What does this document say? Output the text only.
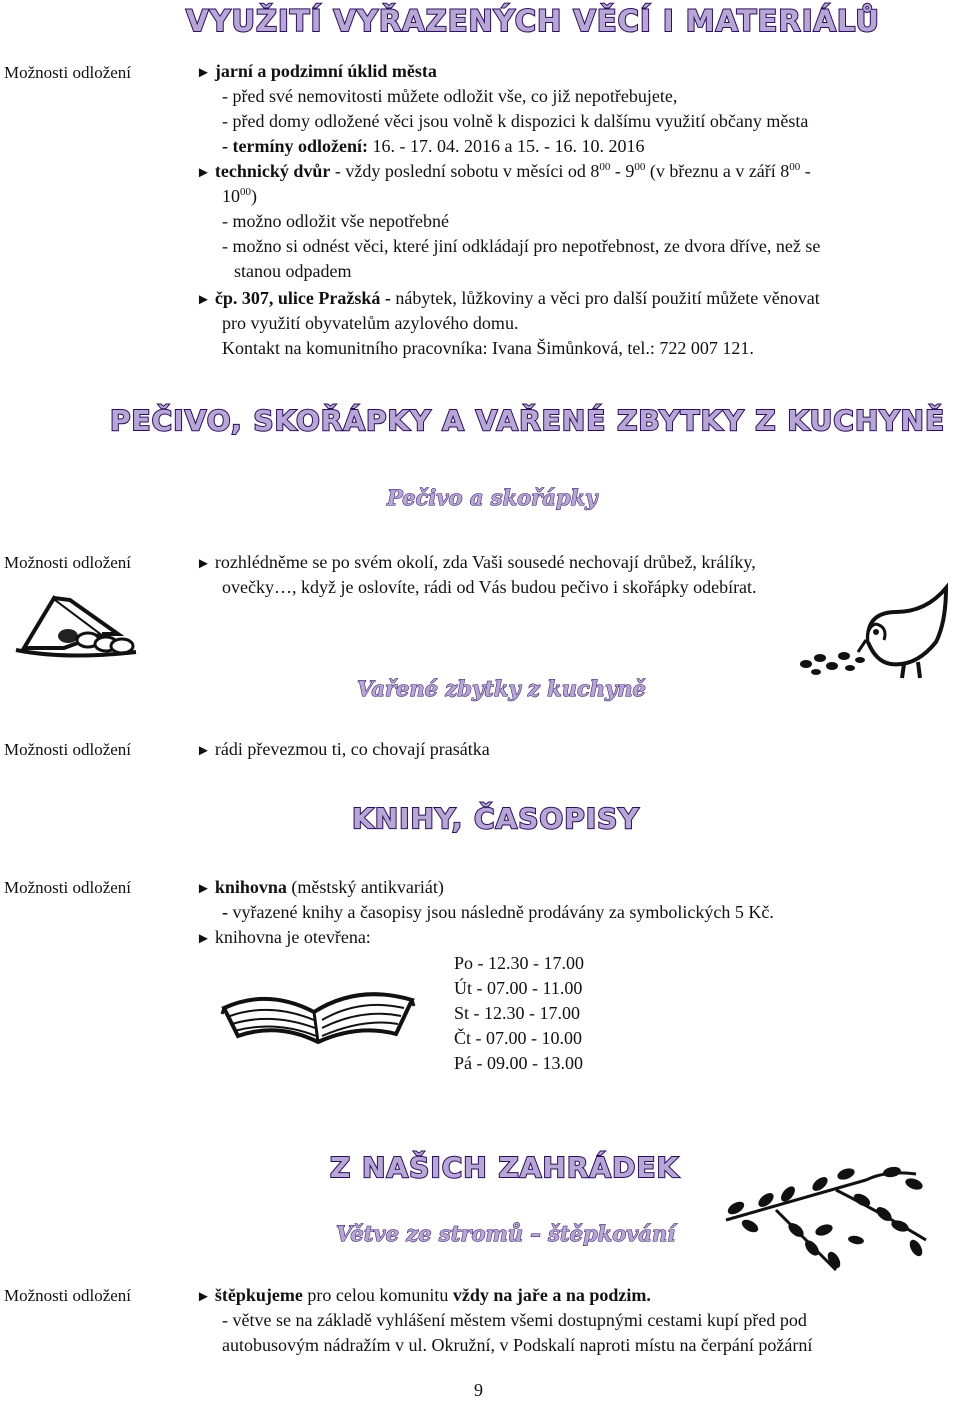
VYUŽITÍ VYŘAZENÝCH VĚCÍ I MATERIÁLŮ
Možnosti odložení	► jarní a podzimní úklid města
- před své nemovitosti můžete odložit vše, co již nepotřebujete,
- před domy odložené věci jsou volně k dispozici k dalšímu využití občany města
- termíny odložení: 16. - 17. 04. 2016 a 15. - 16. 10. 2016
► technický dvůr - vždy poslední sobotu v měsíci od $8^{00} - 9^{00}$ (v březnu a v září $8^{00}$ -
$10^{00}$)
- možno odložit vše nepotřebné
- možno si odnést věci, které jiní odkládají pro nepotřebnost, ze dvora dříve, než se
stanou odpadem
► čp. 307, ulice Pražská - nábytek, lůžkoviny a věci pro další použití můžete věnovat
pro využití obyvatelům azylového domu.
Kontakt na komunitního pracovníka: Ivana Šimůnková, tel.: 722 007 121.
PEČIVO, SKOŘÁPKY A VAŘENÉ ZBYTKY Z KUCHYNĚ
Pečivo a skořápky
Možnosti odložení	► rozhlédněme se po svém okolí, zda Vaši sousedé nechovají drůbež, králíky,
ovečky…, když je oslovíte, rádi od Vás budou pečivo i skořápky odebírat.
Vařené zbytky z kuchyně
Možnosti odložení	► rádi převezmou ti, co chovají prasátka
KNIHY, ČASOPISY
Možnosti odložení	► knihovna (městský antikvariát)
- vyřazené knihy a časopisy jsou následně prodávány za symbolických 5 Kč.
► knihovna je otevřena:
Po - 12.30 - 17.00
Út - 07.00 - 11.00
St - 12.30 - 17.00
Čt - 07.00 - 10.00
Pá - 09.00 - 13.00
Z NAŠICH ZAHRÁDEK
Větve ze stromů – štěpkování
Možnosti odložení	► štěpkujeme pro celou komunitu vždy na jaře a na podzim.
- větve se na základě vyhlášení městem všemi dostupnými cestami kupí před pod
autobusovým nádražím v ul. Okružní, v Podskalí naproti místu na čerpání požární
9
